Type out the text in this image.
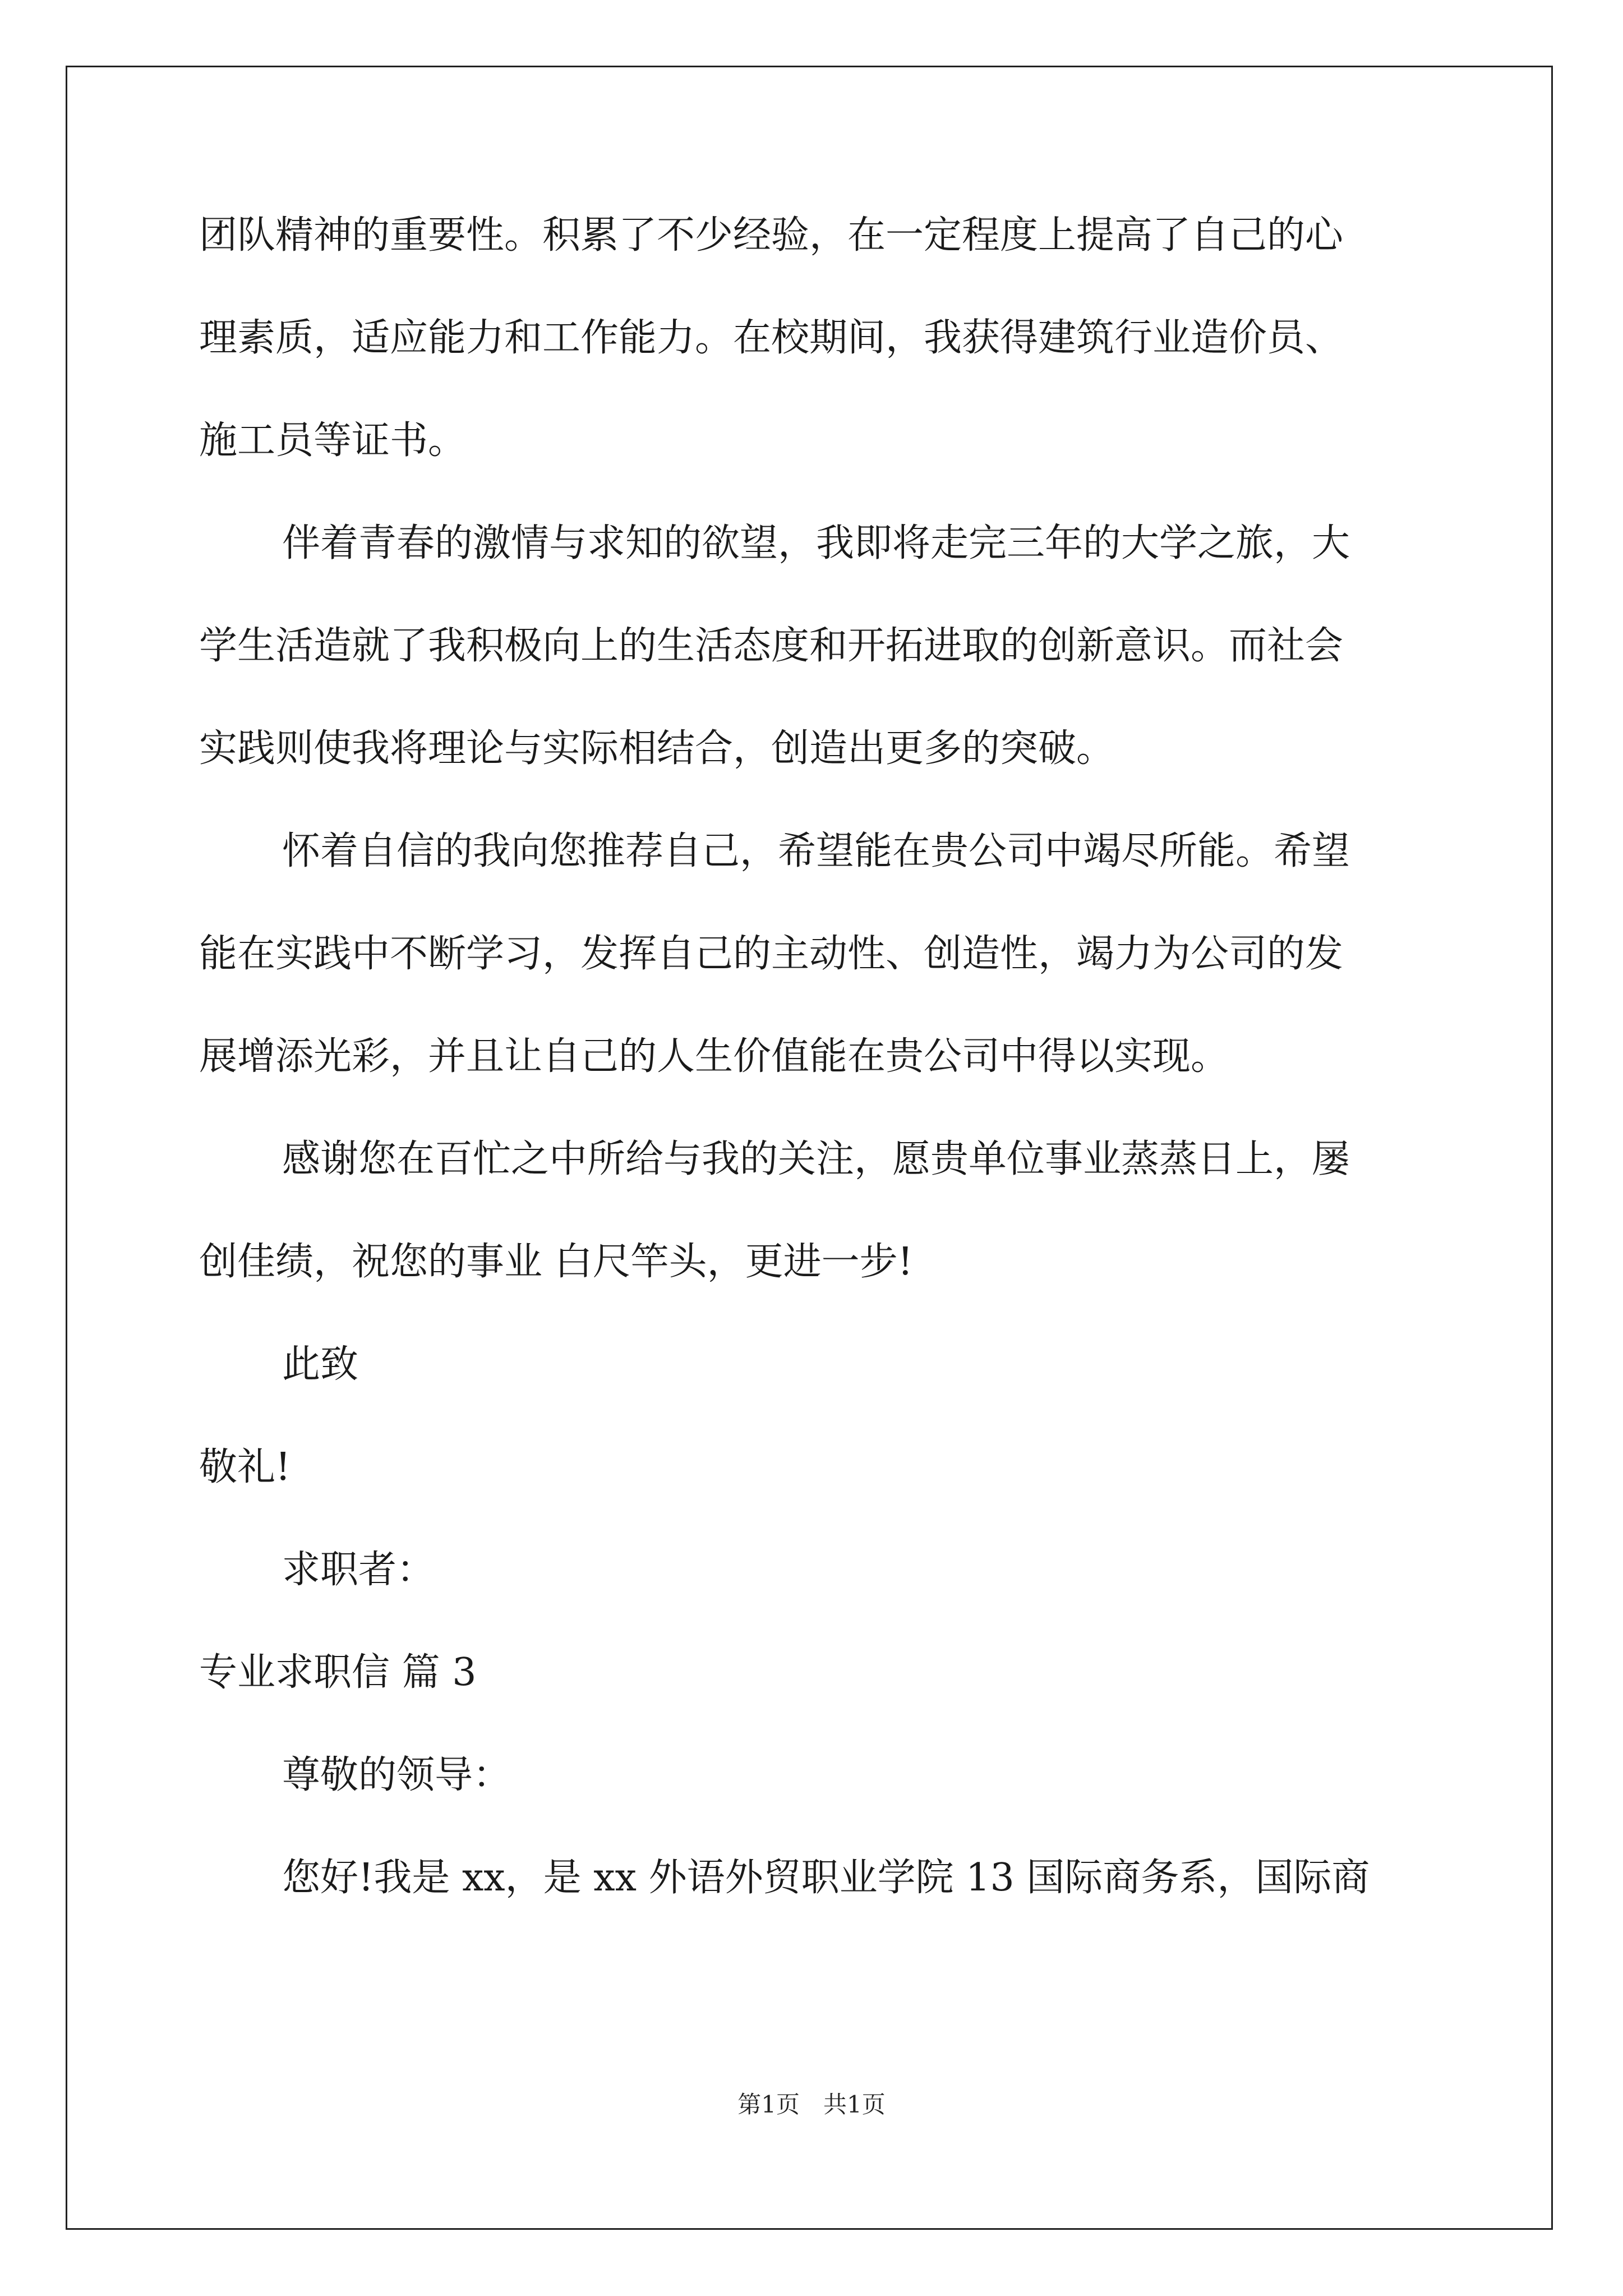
团队精神的重要性。积累了不少经验，在一定程度上提高了自己的心
理素质，适应能力和工作能力。在校期间，我获得建筑行业造价员、
施工员等证书。
伴着青春的激情与求知的欲望，我即将走完三年的大学之旅，大
学生活造就了我积极向上的生活态度和开拓进取的创新意识。而社会
实践则使我将理论与实际相结合，创造出更多的突破。
怀着自信的我向您推荐自己，希望能在贵公司中竭尽所能。希望
能在实践中不断学习，发挥自己的主动性、创造性，竭力为公司的发
展增添光彩，并且让自己的人生价值能在贵公司中得以实现。
感谢您在百忙之中所给与我的关注，愿贵单位事业蒸蒸日上，屡
创佳绩，祝您的事业 白尺竿头，更进一步!
此致
敬礼!
求职者：
专业求职信 篇 3
尊敬的领导：
您好!我是 xx，是 xx 外语外贸职业学院 13 国际商务系，国际商
第1页　共1页
